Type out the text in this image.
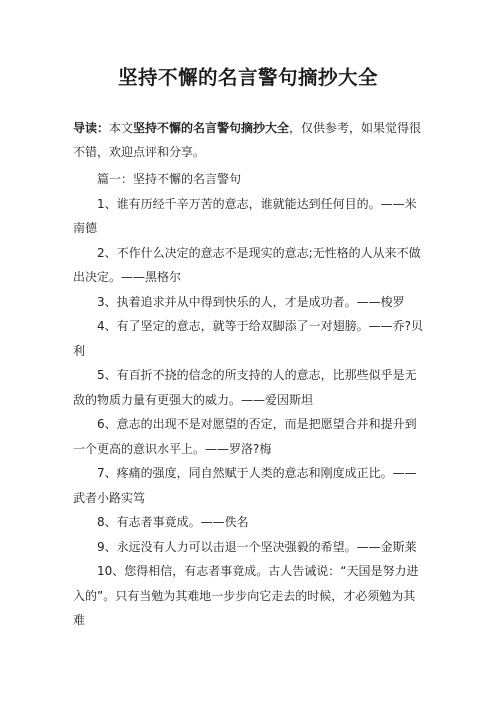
坚持不懈的名言警句摘抄大全

导读：本文坚持不懈的名言警句摘抄大全，仅供参考，如果觉得很不错，欢迎点评和分享。

篇一：坚持不懈的名言警句

1、谁有历经千辛万苦的意志，谁就能达到任何目的。——米南德

2、不作什么决定的意志不是现实的意志;无性格的人从来不做出决定。——黑格尔

3、执着追求并从中得到快乐的人，才是成功者。——梭罗

4、有了坚定的意志，就等于给双脚添了一对翅膀。——乔?贝利

5、有百折不挠的信念的所支持的人的意志，比那些似乎是无敌的物质力量有更强大的威力。——爱因斯坦

6、意志的出现不是对愿望的否定，而是把愿望合并和提升到一个更高的意识水平上。——罗洛?梅

7、疼痛的强度，同自然赋于人类的意志和刚度成正比。——武者小路实笃

8、有志者事竟成。——佚名

9、永远没有人力可以击退一个坚决强毅的希望。——金斯莱

10、您得相信，有志者事竟成。古人告诫说：“天国是努力进入的”。只有当勉为其难地一步步向它走去的时候，才必须勉为其难
